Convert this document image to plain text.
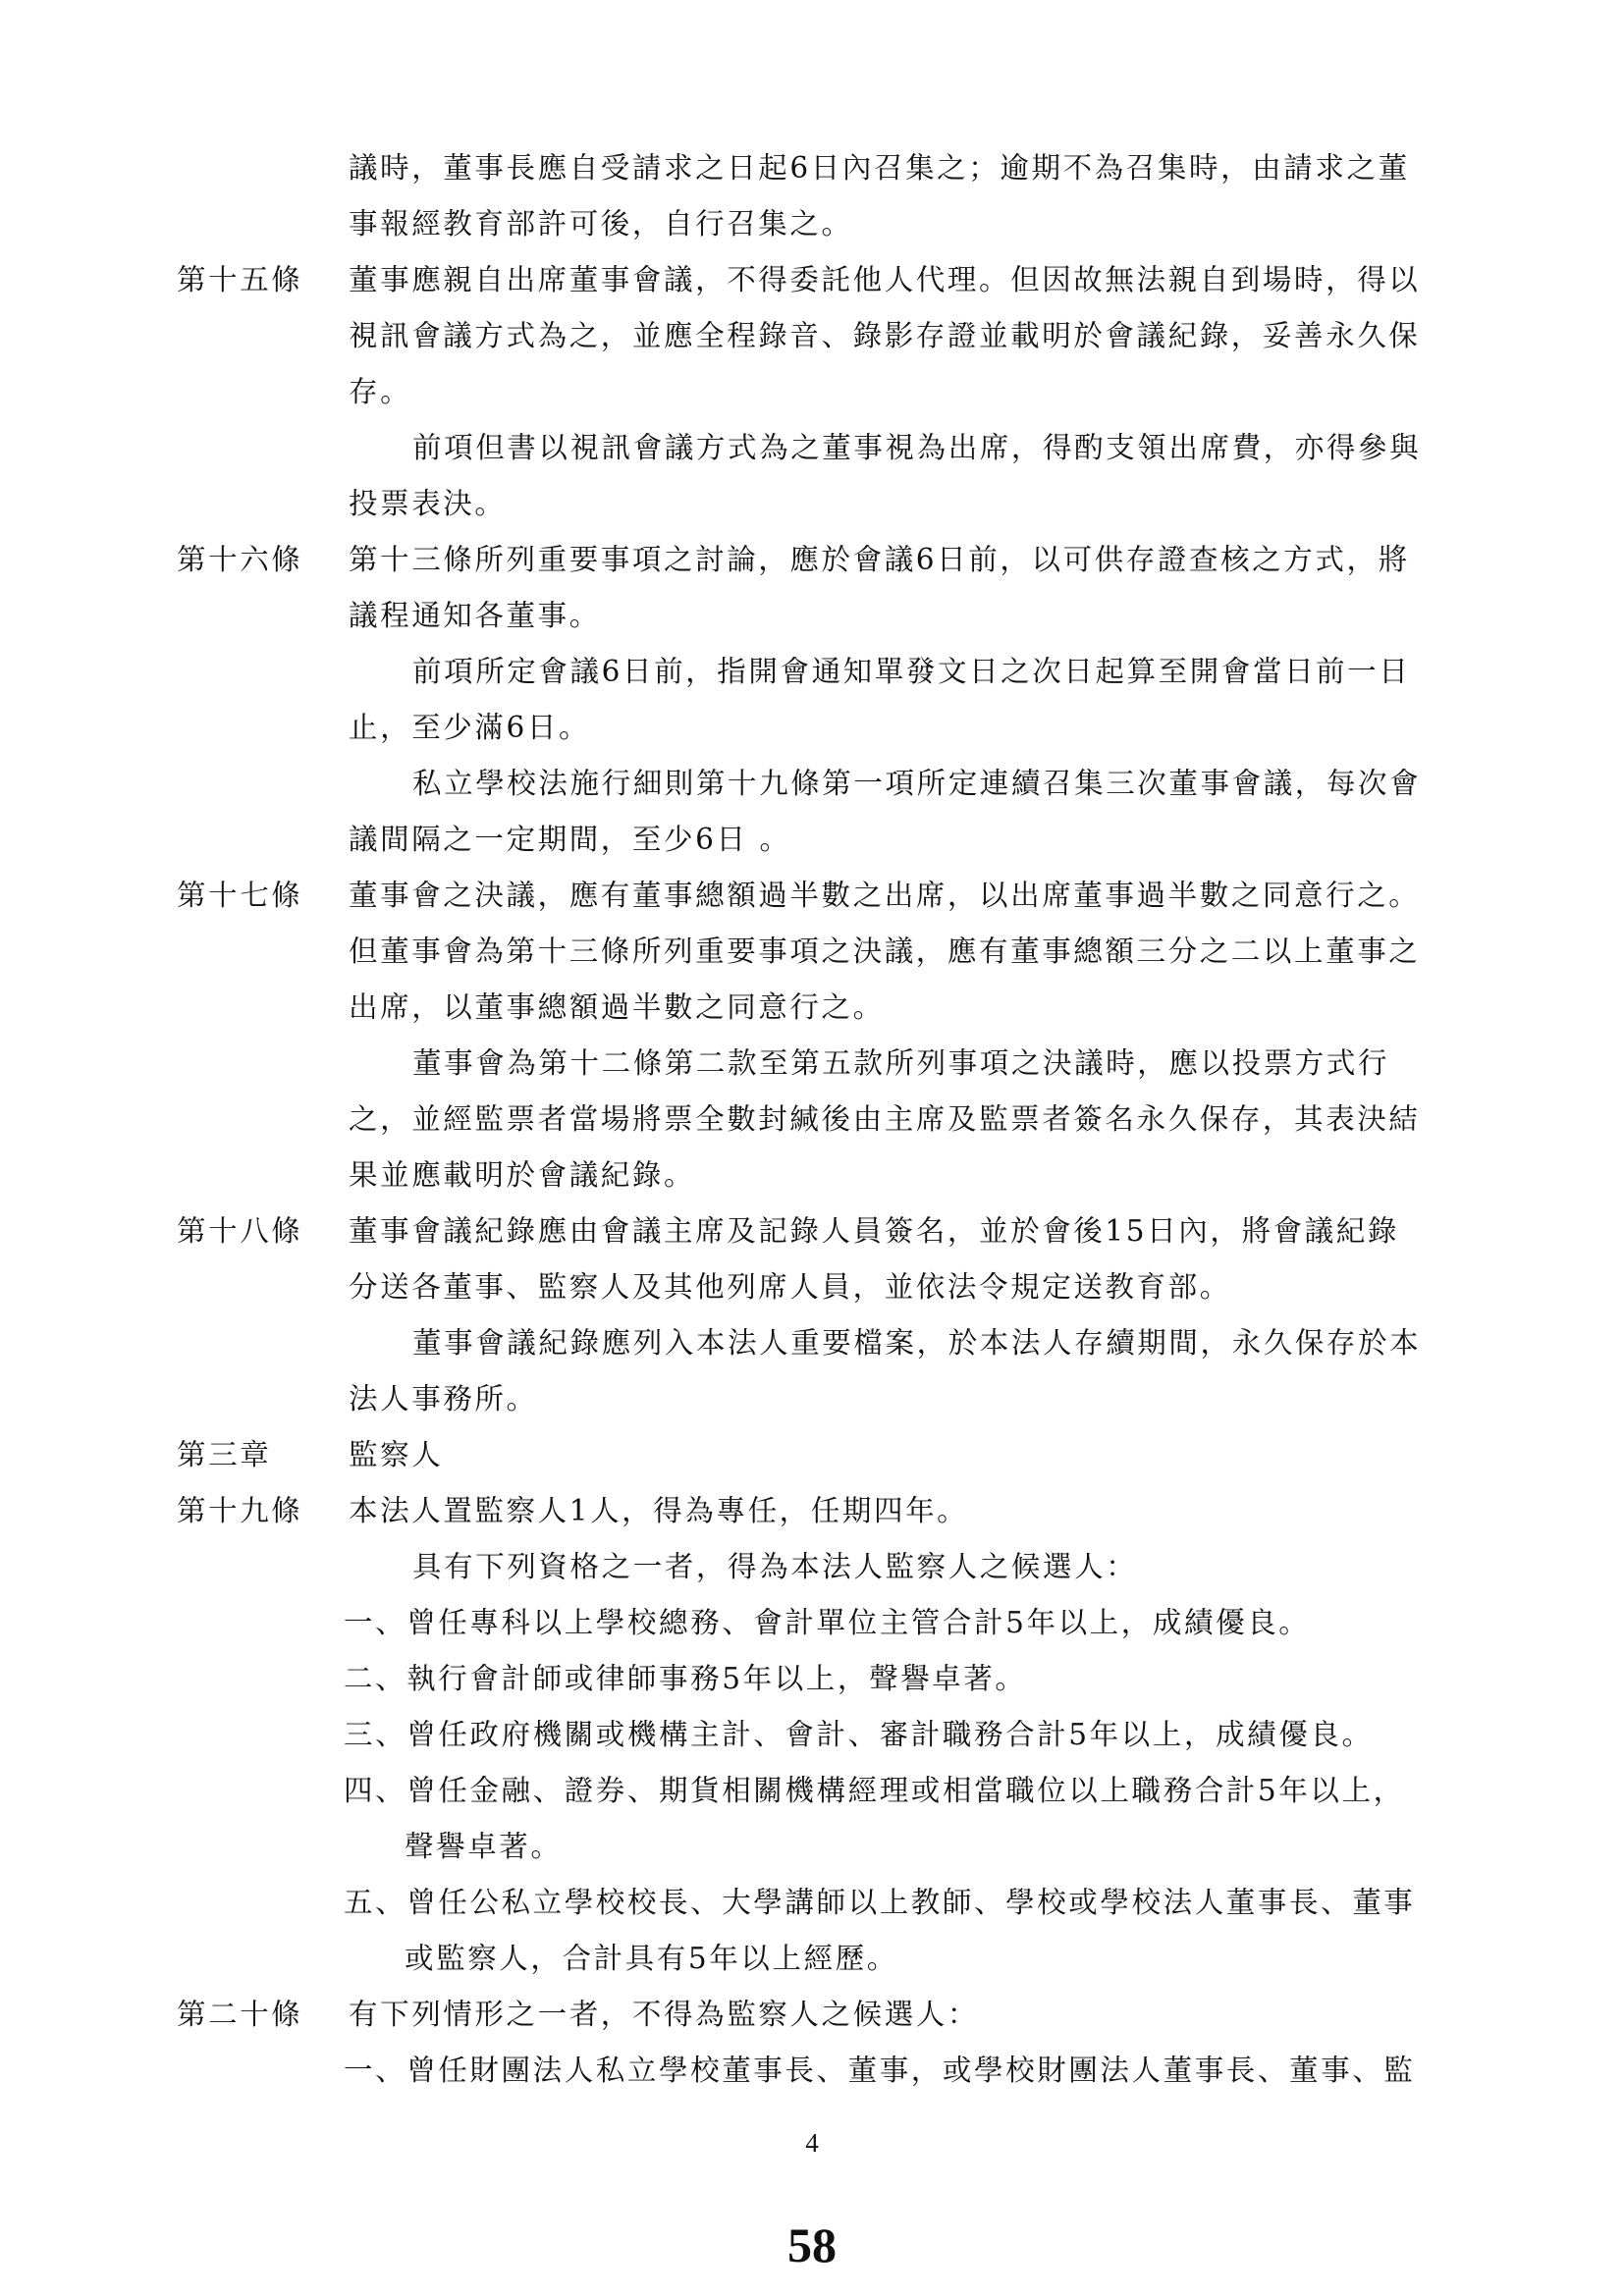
議時，董事長應自受請求之日起6日內召集之；逾期不為召集時，由請求之董
事報經教育部許可後，自行召集之。
第十五條 董事應親自出席董事會議，不得委託他人代理。但因故無法親自到場時，得以
視訊會議方式為之，並應全程錄音、錄影存證並載明於會議紀錄，妥善永久保
存。
前項但書以視訊會議方式為之董事視為出席，得酌支領出席費，亦得參與
投票表決。
第十六條 第十三條所列重要事項之討論，應於會議6日前，以可供存證查核之方式，將
議程通知各董事。
前項所定會議6日前，指開會通知單發文日之次日起算至開會當日前一日
止，至少滿6日。
私立學校法施行細則第十九條第一項所定連續召集三次董事會議，每次會
議間隔之一定期間，至少6日 。
第十七條 董事會之決議，應有董事總額過半數之出席，以出席董事過半數之同意行之。
但董事會為第十三條所列重要事項之決議，應有董事總額三分之二以上董事之
出席，以董事總額過半數之同意行之。
董事會為第十二條第二款至第五款所列事項之決議時，應以投票方式行
之，並經監票者當場將票全數封緘後由主席及監票者簽名永久保存，其表決結
果並應載明於會議紀錄。
第十八條 董事會議紀錄應由會議主席及記錄人員簽名，並於會後15日內，將會議紀錄
分送各董事、監察人及其他列席人員，並依法令規定送教育部。
董事會議紀錄應列入本法人重要檔案，於本法人存續期間，永久保存於本
法人事務所。
第三章	監察人
第十九條 本法人置監察人1人，得為專任，任期四年。
具有下列資格之一者，得為本法人監察人之候選人：
一、曾任專科以上學校總務、會計單位主管合計5年以上，成績優良。
二、執行會計師或律師事務5年以上，聲譽卓著。
三、曾任政府機關或機構主計、會計、審計職務合計5年以上，成績優良。
四、曾任金融、證券、期貨相關機構經理或相當職位以上職務合計5年以上，
聲譽卓著。
五、曾任公私立學校校長、大學講師以上教師、學校或學校法人董事長、董事
或監察人，合計具有5年以上經歷。
第二十條 有下列情形之一者，不得為監察人之候選人：
一、曾任財團法人私立學校董事長、董事，或學校財團法人董事長、董事、監
4
58
